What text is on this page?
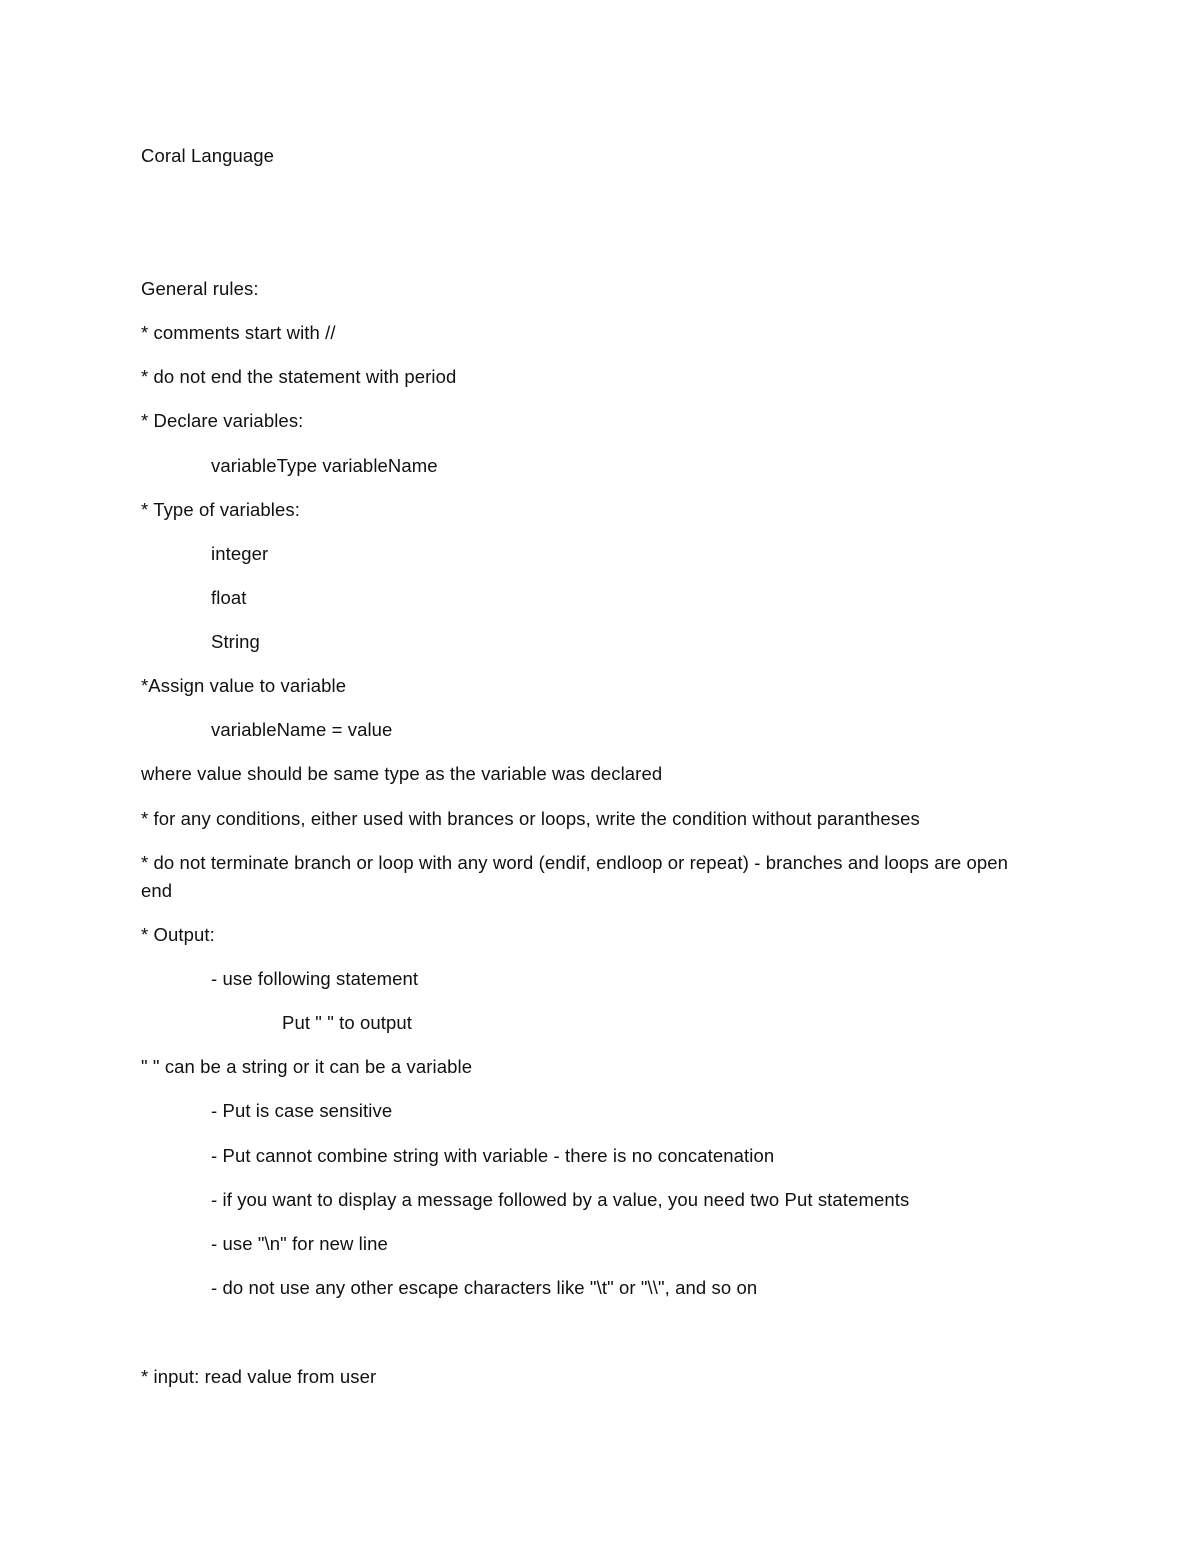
Coral Language
General rules:
* comments start with //
* do not end the statement with period
* Declare variables:
variableType variableName
* Type of variables:
integer
float
String
*Assign value to variable
variableName = value
where value should be same type as the variable was declared
* for any conditions, either used with brances or loops, write the condition without parantheses
* do not terminate branch or loop with any word (endif, endloop or repeat) - branches and loops are open end
* Output:
- use following statement
Put " " to output
" " can be a string or it can be a variable
- Put is case sensitive
- Put cannot combine string with variable - there is no concatenation
- if you want to display a message followed by a value, you need two Put statements
- use "\n" for new line
- do not use any other escape characters like "\t" or "\\", and so on
* input: read value from user
